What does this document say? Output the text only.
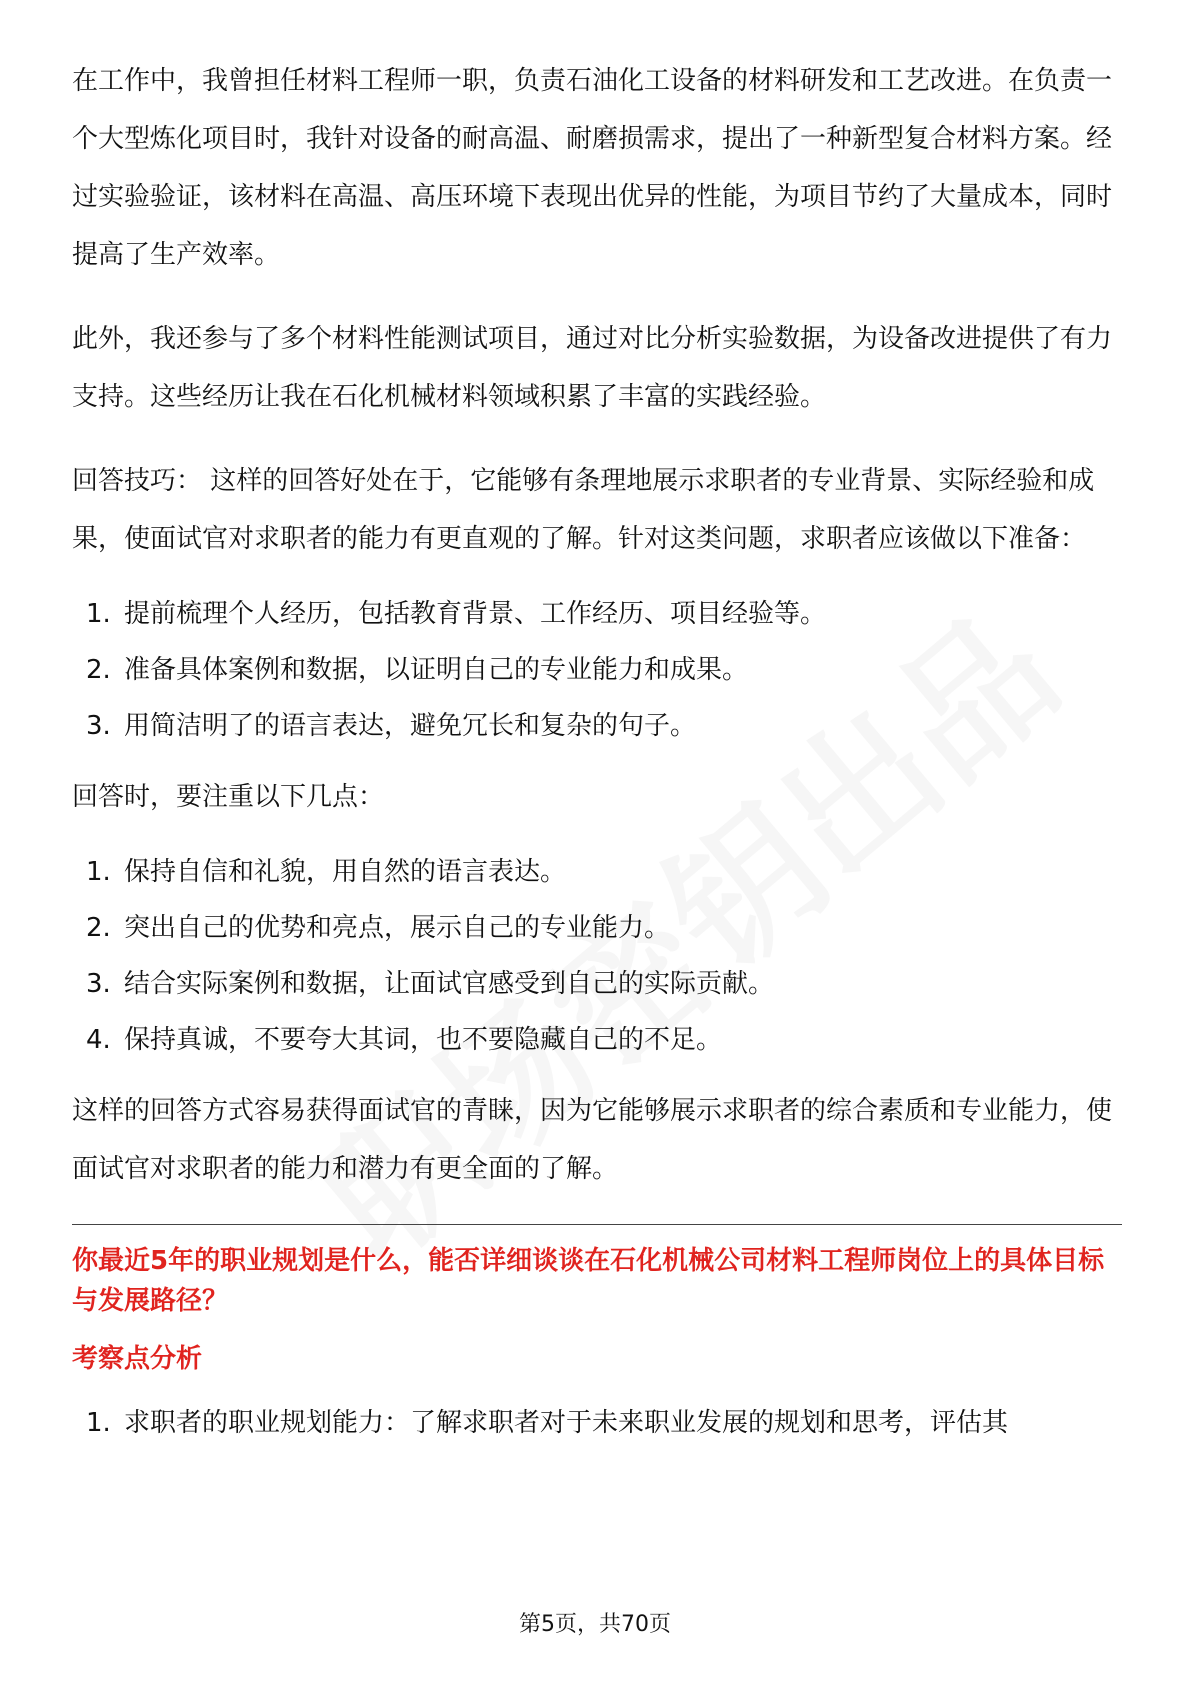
在工作中，我曾担任材料工程师一职，负责石油化工设备的材料研发和工艺改进。在负责一个大型炼化项目时，我针对设备的耐高温、耐磨损需求，提出了一种新型复合材料方案。经过实验验证，该材料在高温、高压环境下表现出优异的性能，为项目节约了大量成本，同时提高了生产效率。

此外，我还参与了多个材料性能测试项目，通过对比分析实验数据，为设备改进提供了有力支持。这些经历让我在石化机械材料领域积累了丰富的实践经验。

回答技巧： 这样的回答好处在于，它能够有条理地展示求职者的专业背景、实际经验和成果，使面试官对求职者的能力有更直观的了解。针对这类问题，求职者应该做以下准备：

1. 提前梳理个人经历，包括教育背景、工作经历、项目经验等。
2. 准备具体案例和数据，以证明自己的专业能力和成果。
3. 用简洁明了的语言表达，避免冗长和复杂的句子。

回答时，要注重以下几点：

1. 保持自信和礼貌，用自然的语言表达。
2. 突出自己的优势和亮点，展示自己的专业能力。
3. 结合实际案例和数据，让面试官感受到自己的实际贡献。
4. 保持真诚，不要夸大其词，也不要隐藏自己的不足。

这样的回答方式容易获得面试官的青睐，因为它能够展示求职者的综合素质和专业能力，使面试官对求职者的能力和潜力有更全面的了解。

你最近5年的职业规划是什么，能否详细谈谈在石化机械公司材料工程师岗位上的具体目标与发展路径？

考察点分析

1. 求职者的职业规划能力：了解求职者对于未来职业发展的规划和思考，评估其
第5页，共70页
